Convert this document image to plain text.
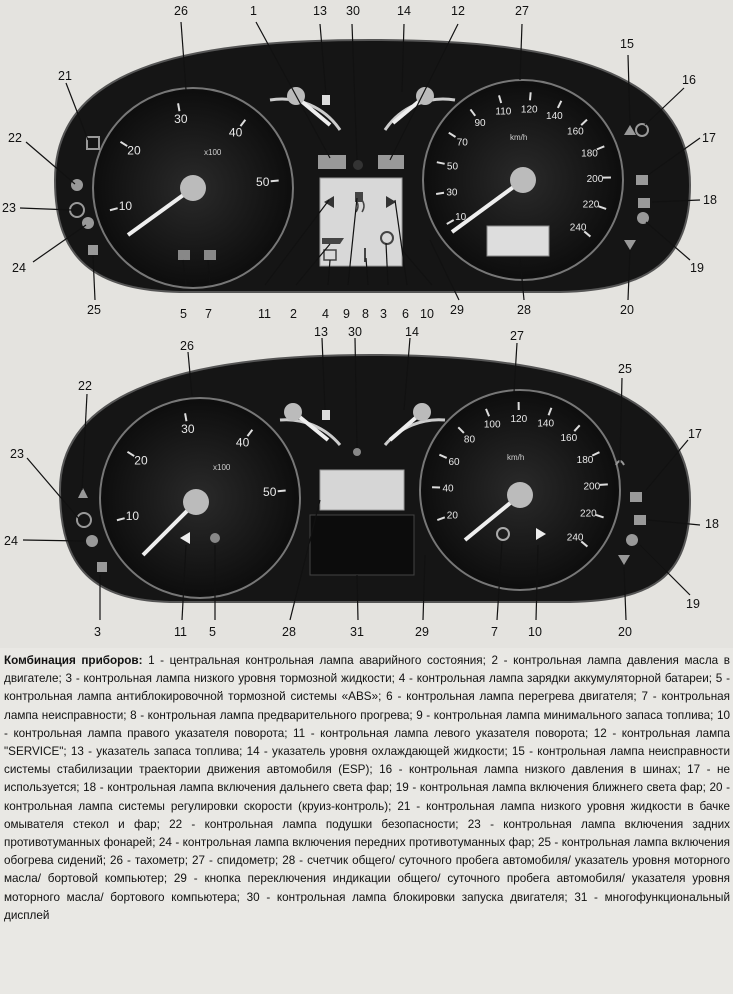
10
20
30
40
50
x100
10
30
50
70
90
110 120
140
160
180
200
220
240
km/h
10
20
30
40
50
x100
20
40
60
80
100
120 140
160
180
200
220
240
km/h
1
2	3
4
5	6
7	8
9	10
11
12
13	14
15
16
17
18
19
20
21
22
23
24
25
26	27
28
29
30
3	5	7 10
11
13	14
17
18
19
20
22
23
24
25
26
27
28	29
30
31
Комбинация приборов: 1 - центральная контрольная лампа аварийного состояния; 2 - контрольная лампа давления масла в двигателе; 3 - контрольная лампа низкого уровня тормозной жидкости; 4 - контрольная лампа зарядки аккумуляторной батареи; 5 - контрольная лампа антиблокировочной тормозной системы «ABS»; 6 - контрольная лампа перегрева двигателя; 7 - контрольная лампа неисправности; 8 - контрольная лампа предварительного прогрева; 9 - контрольная лампа минимального запаса топлива; 10 - контрольная лампа правого указателя поворота; 11 - контрольная лампа левого указателя поворота; 12 - контрольная лампа "SERVICE"; 13 - указатель запаса топлива; 14 - указатель уровня охлаждающей жидкости; 15 - контрольная лампа неисправности системы стабилизации траектории движения автомобиля (ESP); 16 - контрольная лампа низкого давления в шинах; 17 - не используется; 18 - контрольная лампа включения дальнего света фар; 19 - контрольная лампа включения ближнего света фар; 20 - контрольная лампа системы регулировки скорости (круиз-контроль); 21 - контрольная лампа низкого уровня жидкости в бачке омывателя стекол и фар; 22 - контрольная лампа подушки безопасности; 23 - контрольная лампа включения задних противотуманных фонарей; 24 - контрольная лампа включения передних противотуманных фар; 25 - контрольная лампа включения обогрева сидений; 26 - тахометр; 27 - спидометр; 28 - счетчик общего/ суточного пробега автомобиля/ указатель уровня моторного масла/ бортовой компьютер; 29 - кнопка переключения индикации общего/ суточного пробега автомобиля/ указателя уровня моторного масла/ бортового компьютера; 30 - контрольная лампа блокировки запуска двигателя; 31 - многофункциональный дисплей
